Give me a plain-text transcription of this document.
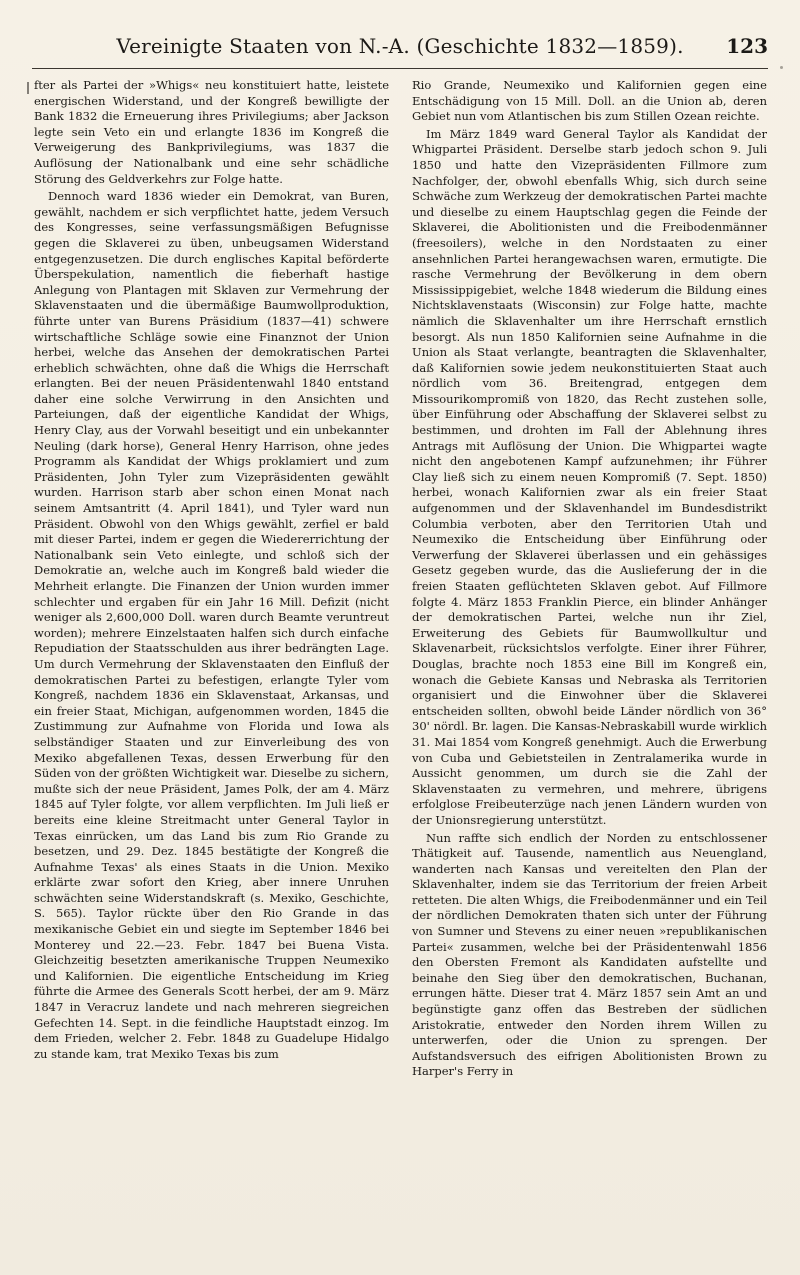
Vereinigte Staaten von N.-A. (Geschichte 1832—1859).	123

fter als Partei der »Whigs« neu konstituiert hatte, leistete energischen Widerstand, und der Kongreß bewilligte der Bank 1832 die Erneuerung ihres Privilegiums; aber Jackson legte sein Veto ein und erlangte 1836 im Kongreß die Verweigerung des Bankprivilegiums, was 1837 die Auflösung der Nationalbank und eine sehr schädliche Störung des Geldverkehrs zur Folge hatte.

Dennoch ward 1836 wieder ein Demokrat, van Buren, gewählt, nachdem er sich verpflichtet hatte, jedem Versuch des Kongresses, seine verfassungsmäßigen Befugnisse gegen die Sklaverei zu üben, unbeugsamen Widerstand entgegenzusetzen. Die durch englisches Kapital beförderte Überspekulation, namentlich die fieberhaft hastige Anlegung von Plantagen mit Sklaven zur Vermehrung der Sklavenstaaten und die übermäßige Baumwollproduktion, führte unter van Burens Präsidium (1837—41) schwere wirtschaftliche Schläge sowie eine Finanznot der Union herbei, welche das Ansehen der demokratischen Partei erheblich schwächten, ohne daß die Whigs die Herrschaft erlangten. Bei der neuen Präsidentenwahl 1840 entstand daher eine solche Verwirrung in den Ansichten und Parteiungen, daß der eigentliche Kandidat der Whigs, Henry Clay, aus der Vorwahl beseitigt und ein unbekannter Neuling (dark horse), General Henry Harrison, ohne jedes Programm als Kandidat der Whigs proklamiert und zum Präsidenten, John Tyler zum Vizepräsidenten gewählt wurden. Harrison starb aber schon einen Monat nach seinem Amtsantritt (4. April 1841), und Tyler ward nun Präsident. Obwohl von den Whigs gewählt, zerfiel er bald mit dieser Partei, indem er gegen die Wiedererrichtung der Nationalbank sein Veto einlegte, und schloß sich der Demokratie an, welche auch im Kongreß bald wieder die Mehrheit erlangte. Die Finanzen der Union wurden immer schlechter und ergaben für ein Jahr 16 Mill. Defizit (nicht weniger als 2,600,000 Doll. waren durch Beamte veruntreut worden); mehrere Einzelstaaten halfen sich durch einfache Repudiation der Staatsschulden aus ihrer bedrängten Lage. Um durch Vermehrung der Sklavenstaaten den Einfluß der demokratischen Partei zu befestigen, erlangte Tyler vom Kongreß, nachdem 1836 ein Sklavenstaat, Arkansas, und ein freier Staat, Michigan, aufgenommen worden, 1845 die Zustimmung zur Aufnahme von Florida und Iowa als selbständiger Staaten und zur Einverleibung des von Mexiko abgefallenen Texas, dessen Erwerbung für den Süden von der größten Wichtigkeit war. Dieselbe zu sichern, mußte sich der neue Präsident, James Polk, der am 4. März 1845 auf Tyler folgte, vor allem verpflichten. Im Juli ließ er bereits eine kleine Streitmacht unter General Taylor in Texas einrücken, um das Land bis zum Rio Grande zu besetzen, und 29. Dez. 1845 bestätigte der Kongreß die Aufnahme Texas' als eines Staats in die Union. Mexiko erklärte zwar sofort den Krieg, aber innere Unruhen schwächten seine Widerstandskraft (s. Mexiko, Geschichte, S. 565). Taylor rückte über den Rio Grande in das mexikanische Gebiet ein und siegte im September 1846 bei Monterey und 22.—23. Febr. 1847 bei Buena Vista. Gleichzeitig besetzten amerikanische Truppen Neumexiko und Kalifornien. Die eigentliche Entscheidung im Krieg führte die Armee des Generals Scott herbei, der am 9. März 1847 in Veracruz landete und nach mehreren siegreichen Gefechten 14. Sept. in die feindliche Hauptstadt einzog. Im dem Frieden, welcher 2. Febr. 1848 zu Guadelupe Hidalgo zu stande kam, trat Mexiko Texas bis zum

Rio Grande, Neumexiko und Kalifornien gegen eine Entschädigung von 15 Mill. Doll. an die Union ab, deren Gebiet nun vom Atlantischen bis zum Stillen Ozean reichte.

Im März 1849 ward General Taylor als Kandidat der Whigpartei Präsident. Derselbe starb jedoch schon 9. Juli 1850 und hatte den Vizepräsidenten Fillmore zum Nachfolger, der, obwohl ebenfalls Whig, sich durch seine Schwäche zum Werkzeug der demokratischen Partei machte und dieselbe zu einem Hauptschlag gegen die Feinde der Sklaverei, die Abolitionisten und die Freibodenmänner (freesoilers), welche in den Nordstaaten zu einer ansehnlichen Partei herangewachsen waren, ermutigte. Die rasche Vermehrung der Bevölkerung in dem obern Mississippigebiet, welche 1848 wiederum die Bildung eines Nichtsklavenstaats (Wisconsin) zur Folge hatte, machte nämlich die Sklavenhalter um ihre Herrschaft ernstlich besorgt. Als nun 1850 Kalifornien seine Aufnahme in die Union als Staat verlangte, beantragten die Sklavenhalter, daß Kalifornien sowie jedem neukonstituierten Staat auch nördlich vom 36. Breitengrad, entgegen dem Missourikompromiß von 1820, das Recht zustehen solle, über Einführung oder Abschaffung der Sklaverei selbst zu bestimmen, und drohten im Fall der Ablehnung ihres Antrags mit Auflösung der Union. Die Whigpartei wagte nicht den angebotenen Kampf aufzunehmen; ihr Führer Clay ließ sich zu einem neuen Kompromiß (7. Sept. 1850) herbei, wonach Kalifornien zwar als ein freier Staat aufgenommen und der Sklavenhandel im Bundesdistrikt Columbia verboten, aber den Territorien Utah und Neumexiko die Entscheidung über Einführung oder Verwerfung der Sklaverei überlassen und ein gehässiges Gesetz gegeben wurde, das die Auslieferung der in die freien Staaten geflüchteten Sklaven gebot. Auf Fillmore folgte 4. März 1853 Franklin Pierce, ein blinder Anhänger der demokratischen Partei, welche nun ihr Ziel, Erweiterung des Gebiets für Baumwollkultur und Sklavenarbeit, rücksichtslos verfolgte. Einer ihrer Führer, Douglas, brachte noch 1853 eine Bill im Kongreß ein, wonach die Gebiete Kansas und Nebraska als Territorien organisiert und die Einwohner über die Sklaverei entscheiden sollten, obwohl beide Länder nördlich von 36° 30' nördl. Br. lagen. Die Kansas-Nebraskabill wurde wirklich 31. Mai 1854 vom Kongreß genehmigt. Auch die Erwerbung von Cuba und Gebietsteilen in Zentralamerika wurde in Aussicht genommen, um durch sie die Zahl der Sklavenstaaten zu vermehren, und mehrere, übrigens erfolglose Freibeuterzüge nach jenen Ländern wurden von der Unionsregierung unterstützt.

Nun raffte sich endlich der Norden zu entschlossener Thätigkeit auf. Tausende, namentlich aus Neuengland, wanderten nach Kansas und vereitelten den Plan der Sklavenhalter, indem sie das Territorium der freien Arbeit retteten. Die alten Whigs, die Freibodenmänner und ein Teil der nördlichen Demokraten thaten sich unter der Führung von Sumner und Stevens zu einer neuen »republikanischen Partei« zusammen, welche bei der Präsidentenwahl 1856 den Obersten Fremont als Kandidaten aufstellte und beinahe den Sieg über den demokratischen, Buchanan, errungen hätte. Dieser trat 4. März 1857 sein Amt an und begünstigte ganz offen das Bestreben der südlichen Aristokratie, entweder den Norden ihrem Willen zu unterwerfen, oder die Union zu sprengen. Der Aufstandsversuch des eifrigen Abolitionisten Brown zu Harper's Ferry in
